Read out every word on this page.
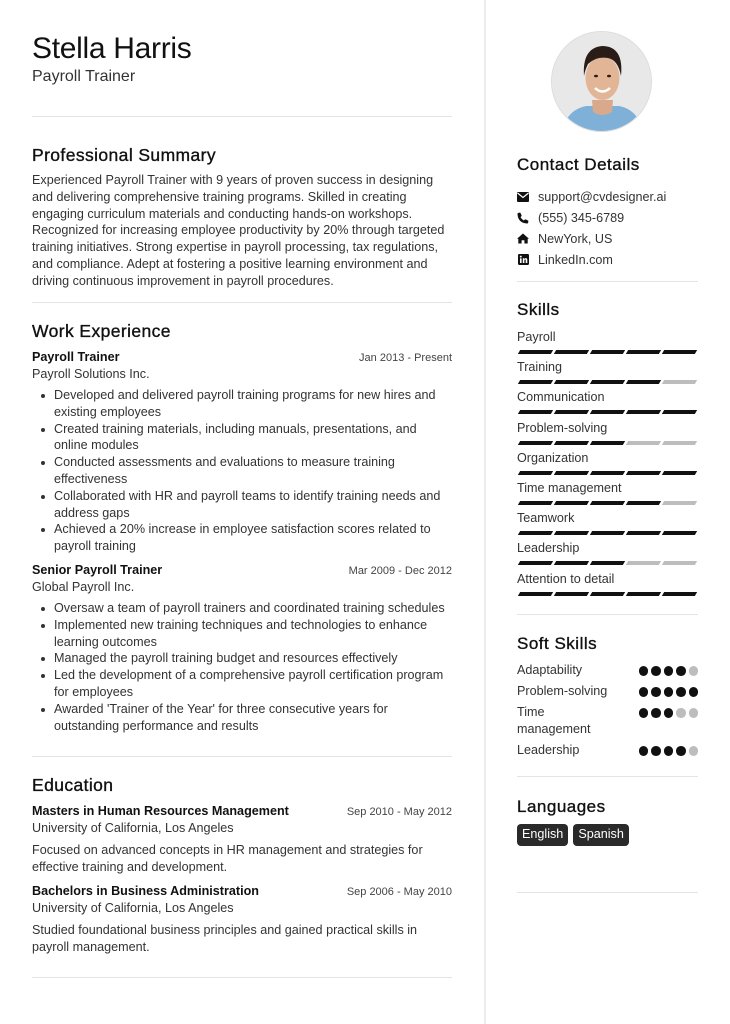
Stella Harris
Payroll Trainer
Professional Summary
Experienced Payroll Trainer with 9 years of proven success in designing and delivering comprehensive training programs. Skilled in creating engaging curriculum materials and conducting hands-on workshops. Recognized for increasing employee productivity by 20% through targeted training initiatives. Strong expertise in payroll processing, tax regulations, and compliance. Adept at fostering a positive learning environment and driving continuous improvement in payroll procedures.
Work Experience
Payroll Trainer	Jan 2013 - Present
Payroll Solutions Inc.
Developed and delivered payroll training programs for new hires and existing employees
Created training materials, including manuals, presentations, and online modules
Conducted assessments and evaluations to measure training effectiveness
Collaborated with HR and payroll teams to identify training needs and address gaps
Achieved a 20% increase in employee satisfaction scores related to payroll training
Senior Payroll Trainer	Mar 2009 - Dec 2012
Global Payroll Inc.
Oversaw a team of payroll trainers and coordinated training schedules
Implemented new training techniques and technologies to enhance learning outcomes
Managed the payroll training budget and resources effectively
Led the development of a comprehensive payroll certification program for employees
Awarded 'Trainer of the Year' for three consecutive years for outstanding performance and results
Education
Masters in Human Resources Management	Sep 2010 - May 2012
University of California, Los Angeles
Focused on advanced concepts in HR management and strategies for effective training and development.
Bachelors in Business Administration	Sep 2006 - May 2010
University of California, Los Angeles
Studied foundational business principles and gained practical skills in payroll management.
Contact Details
support@cvdesigner.ai
(555) 345-6789
NewYork, US
LinkedIn.com
Skills
Payroll
Training
Communication
Problem-solving
Organization
Time management
Teamwork
Leadership
Attention to detail
Soft Skills
Adaptability
Problem-solving
Time management
Leadership
Languages
English	Spanish
